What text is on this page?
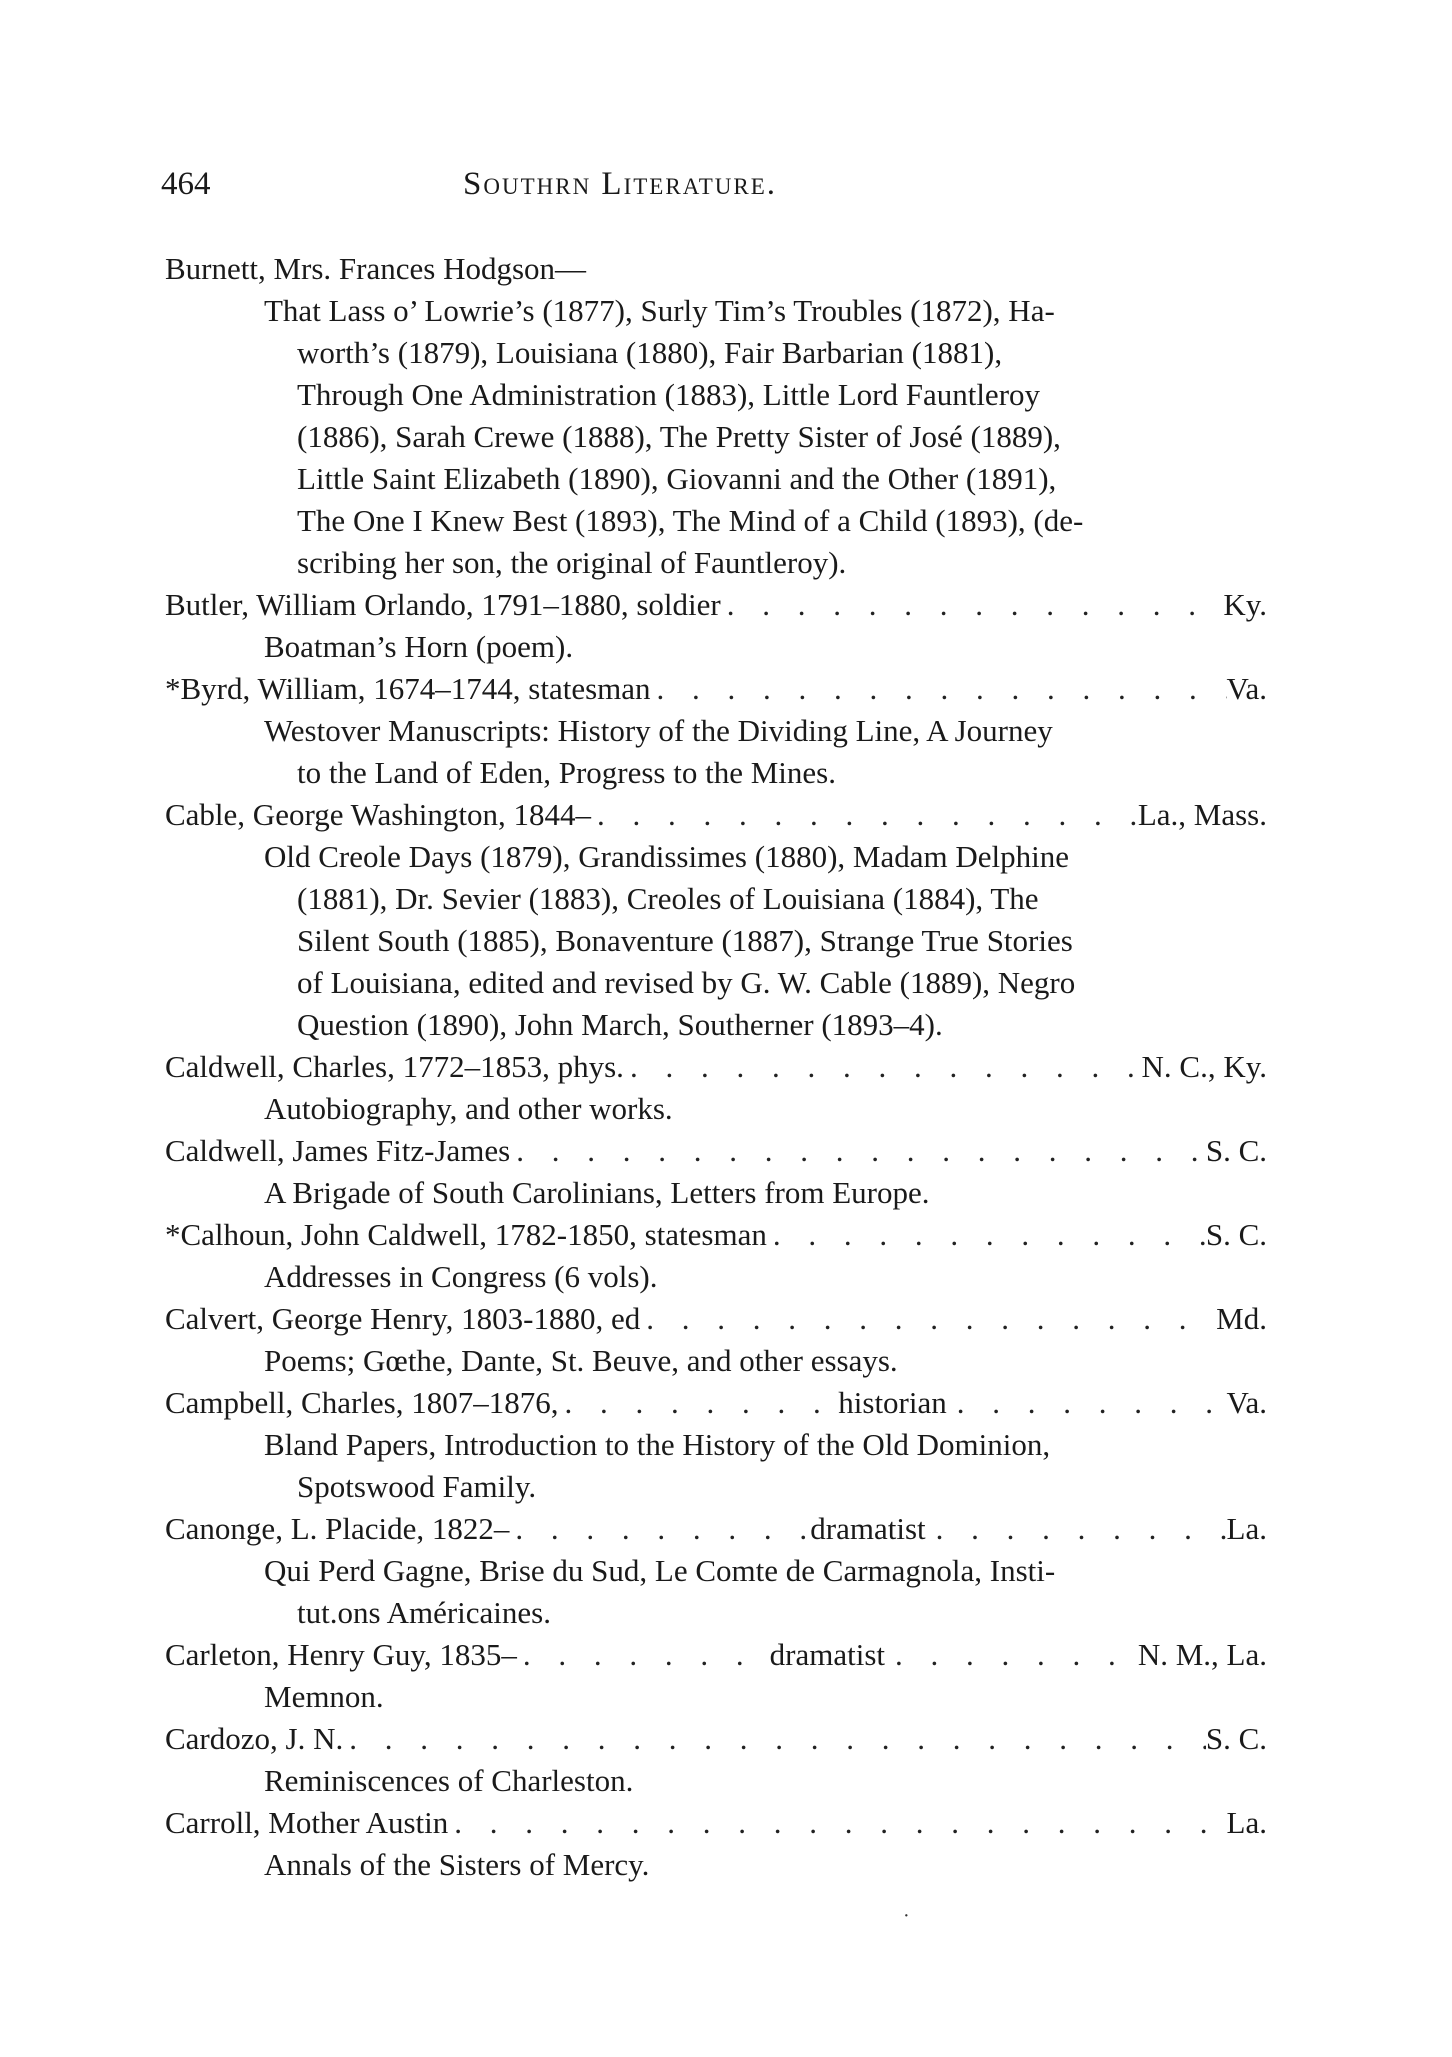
464	Southrn Literature.
Burnett, Mrs. Frances Hodgson—
That Lass o’ Lowrie’s (1877), Surly Tim’s Troubles (1872), Ha-
worth’s (1879), Louisiana (1880), Fair Barbarian (1881),
Through One Administration (1883), Little Lord Fauntleroy
(1886), Sarah Crewe (1888), The Pretty Sister of José (1889),
Little Saint Elizabeth (1890), Giovanni and the Other (1891),
The One I Knew Best (1893), The Mind of a Child (1893), (de-
scribing her son, the original of Fauntleroy).
Butler, William Orlando, 1791–1880, soldier . . .	Ky.
Boatman’s Horn (poem).
*Byrd, William, 1674–1744, statesman . . .	Va.
Westover Manuscripts: History of the Dividing Line, A Journey
to the Land of Eden, Progress to the Mines.
Cable, George Washington, 1844– . . .	La., Mass.
Old Creole Days (1879), Grandissimes (1880), Madam Delphine
(1881), Dr. Sevier (1883), Creoles of Louisiana (1884), The
Silent South (1885), Bonaventure (1887), Strange True Stories
of Louisiana, edited and revised by G. W. Cable (1889), Negro
Question (1890), John March, Southerner (1893–4).
Caldwell, Charles, 1772–1853, phys. . . .	N. C., Ky.
Autobiography, and other works.
Caldwell, James Fitz-James . . .	S. C.
A Brigade of South Carolinians, Letters from Europe.
*Calhoun, John Caldwell, 1782-1850, statesman . . .	S. C.
Addresses in Congress (6 vols).
Calvert, George Henry, 1803-1880, ed . . .	Md.
Poems; Gœthe, Dante, St. Beuve, and other essays.
Campbell, Charles, 1807–1876, . . .	historian . . .	Va.
Bland Papers, Introduction to the History of the Old Dominion,
Spotswood Family.
Canonge, L. Placide, 1822– . . .	dramatist . . .	La.
Qui Perd Gagne, Brise du Sud, Le Comte de Carmagnola, Insti-
tut.ons Américaines.
Carleton, Henry Guy, 1835– . . .	dramatist . . .	N. M., La.
Memnon.
Cardozo, J. N. . . .	S. C.
Reminiscences of Charleston.
Carroll, Mother Austin . . .	La.
Annals of the Sisters of Mercy.
·
